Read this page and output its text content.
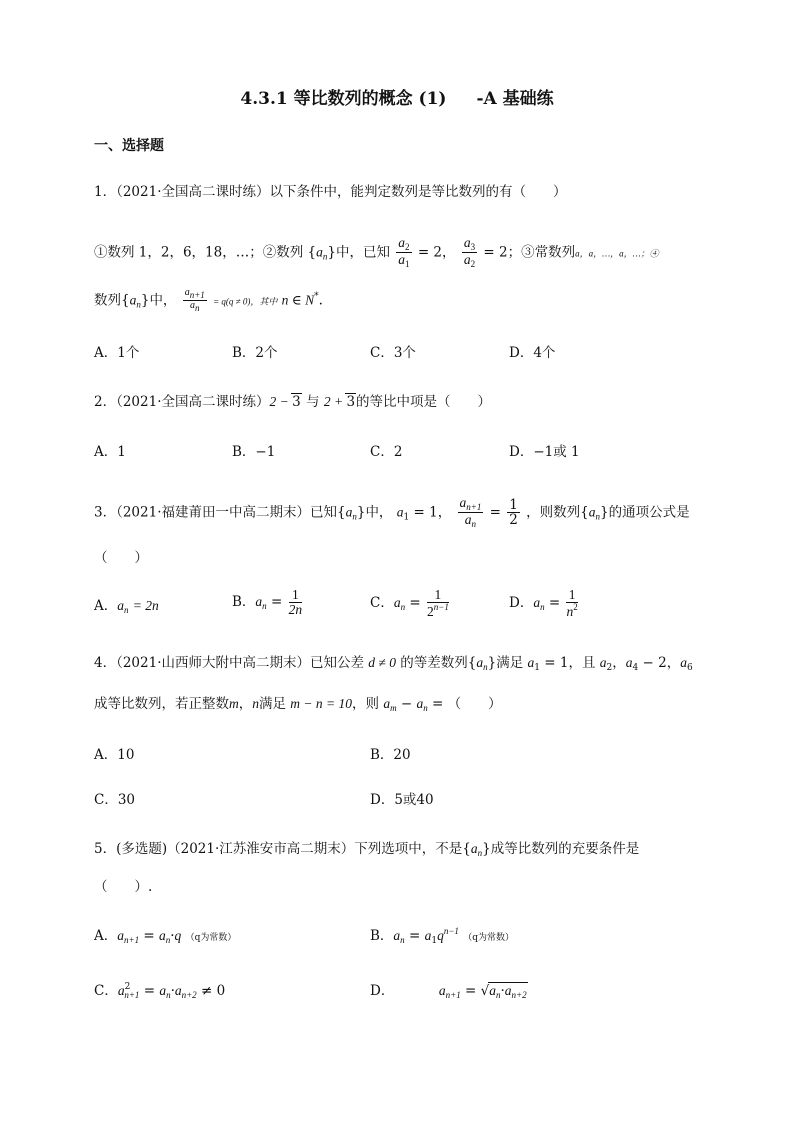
4.3.1 等比数列的概念 (1) -A 基础练
一、选择题
1．（2021·全国高二课时练）以下条件中，能判定数列是等比数列的有（　　）
①数列 1，2，6，18，…；②数列 $\{a_n\}$中，已知 $\frac{a_2}{a_1} = 2$， $\frac{a_3}{a_2} = 2$；③常数列a，a，…，a，…；④
数列$\{a_n\}$中， $\frac{an+1}{an} = q(q \ne 0)$，其中 n ∈ N*.
A．1个	B．2个	C．3个	D．4个
2．（2021·全国高二课时练）2 − 3 与 2 + 3的等比中项是（　　）
A．1	B．−1	C．2	D．−1或 1
3．（2021·福建莆田一中高二期末）已知$\{a_n\}$中， $a_1 = 1$， $\frac{a_{n+1}}{a_n} = \frac{1}{2}$ ，则数列$\{a_n\}$的通项公式是
（　　）
A．$a_n = 2n$	B．$a_n = \frac{1}{2n}$	C．$a_n = \frac{1}{2^{n-1}}$	D．$a_n = \frac{1}{n^2}$
4．（2021·山西师大附中高二期末）已知公差 d ≠ 0 的等差数列$\{a_n\}$满足 $a_1 = 1$，且 $a_2$，$a_4 - 2$，$a_6$
成等比数列，若正整数m，n满足 m − n = 10，则 $a_m - a_n$ = （　　）
A．10	B．20
C．30	D．5或40
5．(多选题)（2021·江苏淮安市高二期末）下列选项中，不是$\{a_n\}$成等比数列的充要条件是
（　　）.
A．$a_{n+1} = a_n\cdot q$ （q为常数）	B．$a_n = a_1q^{n-1}$ （q为常数）
C．$a^2_{n+1} = a_n\cdot a_{n+2} \ne 0$	D．	$a_{n+1} = √a_n\cdot a_{n+2}$
